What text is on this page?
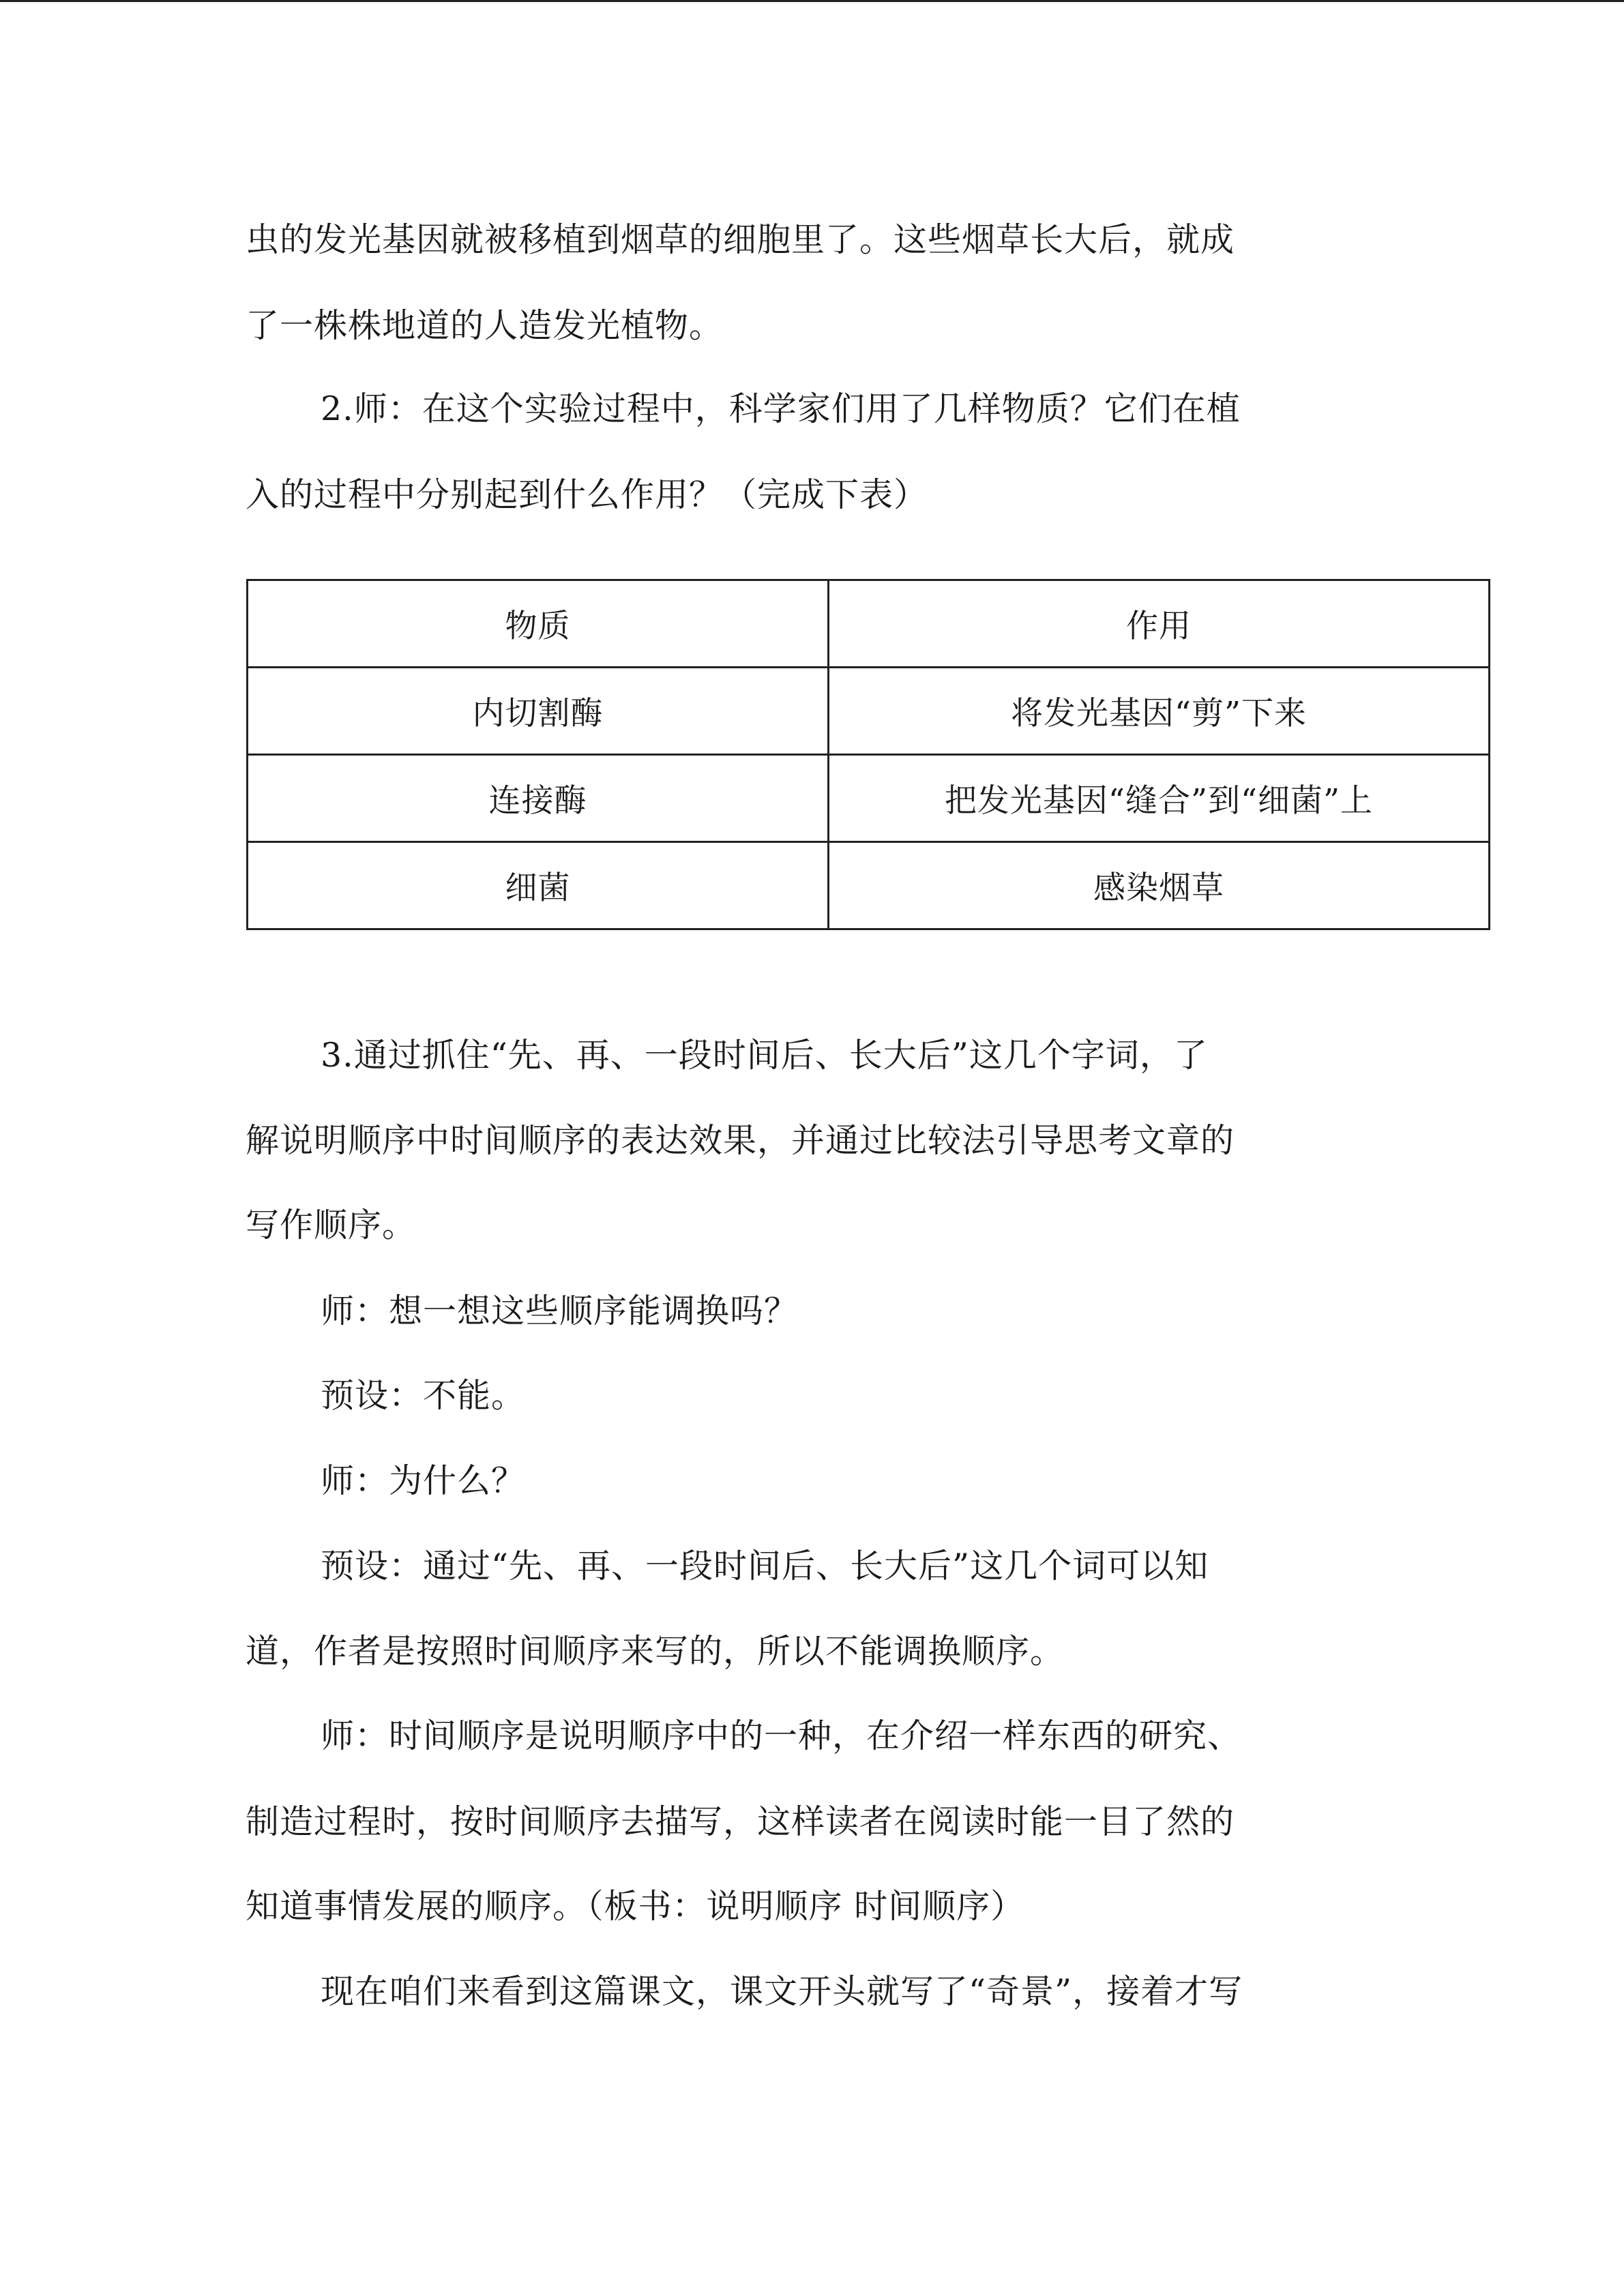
虫的发光基因就被移植到烟草的细胞里了。这些烟草长大后，就成

了一株株地道的人造发光植物。

2.师：在这个实验过程中，科学家们用了几样物质？它们在植

入的过程中分别起到什么作用？（完成下表）

物质	作用
内切割酶	将发光基因“剪”下来
连接酶	把发光基因“缝合”到“细菌”上
细菌	感染烟草

3.通过抓住“先、再、一段时间后、长大后”这几个字词，了

解说明顺序中时间顺序的表达效果，并通过比较法引导思考文章的

写作顺序。

师：想一想这些顺序能调换吗？

预设：不能。

师：为什么？

预设：通过“先、再、一段时间后、长大后”这几个词可以知

道，作者是按照时间顺序来写的，所以不能调换顺序。

师：时间顺序是说明顺序中的一种，在介绍一样东西的研究、

制造过程时，按时间顺序去描写，这样读者在阅读时能一目了然的

知道事情发展的顺序。（板书：说明顺序 时间顺序）

现在咱们来看到这篇课文，课文开头就写了“奇景”，接着才写
